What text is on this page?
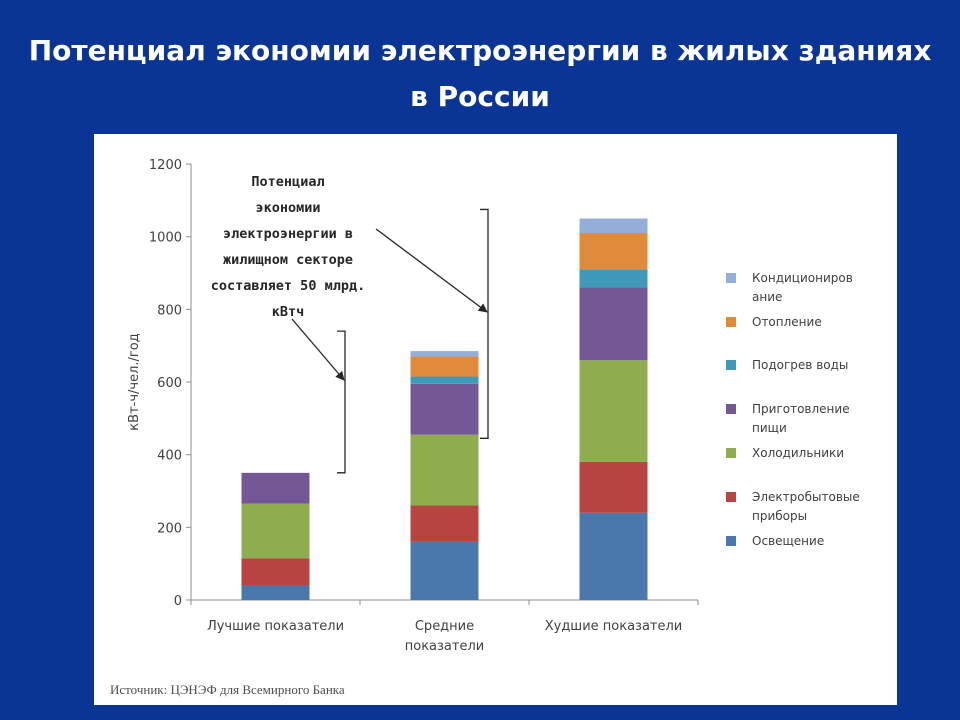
Потенциал экономии электроэнергии в жилых зданиях
в России
0
200
400
600
800
1000
1200
кВт-ч/чел./год
Лучшие показатели	Средние показатели
Худшие показатели
Потенциал экономии электроэнергии в жилищном секторе составляет 50 млрд. кВтч
Кондициониров ание
Отопление
Подогрев воды
Приготовление пищи
Холодильники
Электробытовые приборы
Освещение
Источник: ЦЭНЭФ для Всемирного Банка
